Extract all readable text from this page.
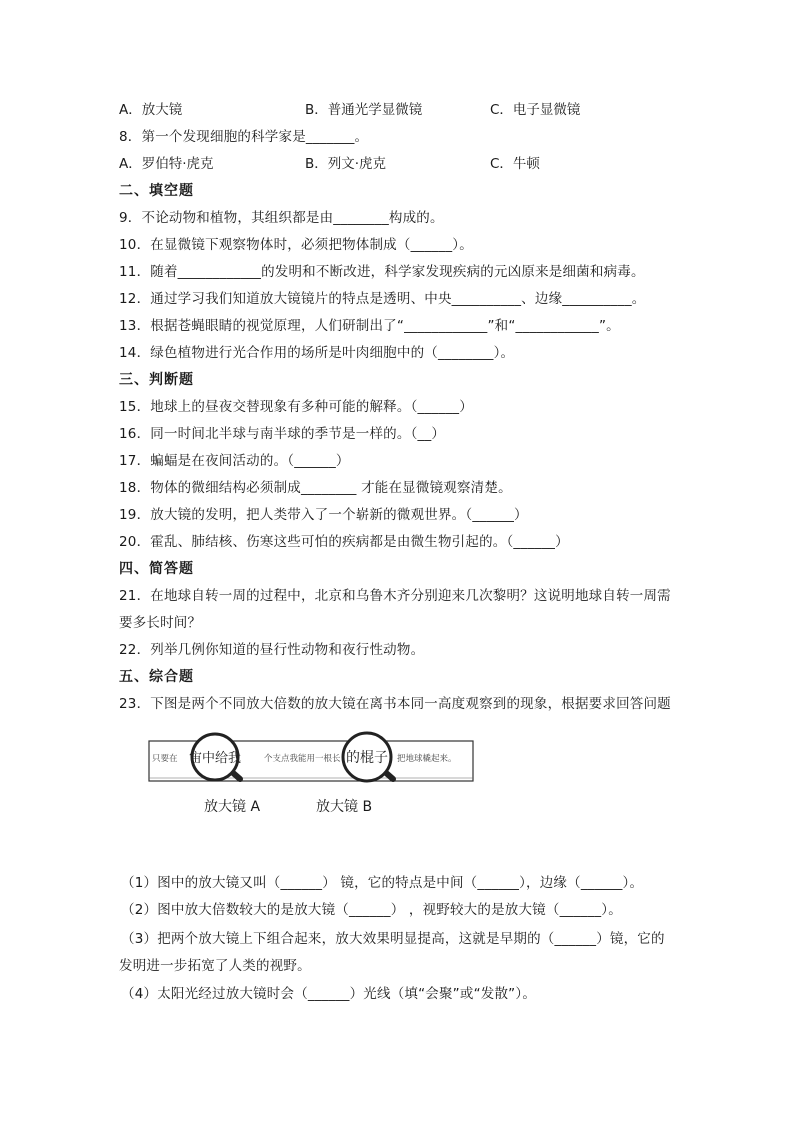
A．放大镜	B．普通光学显微镜	C．电子显微镜
8．第一个发现细胞的科学家是_______。
A．罗伯特·虎克	B．列文·虎克	C．牛顿
二、填空题
9．不论动物和植物，其组织都是由________构成的。
10．在显微镜下观察物体时，必须把物体制成（______）。
11．随着____________的发明和不断改进，科学家发现疾病的元凶原来是细菌和病毒。
12．通过学习我们知道放大镜镜片的特点是透明、中央__________、边缘__________。
13．根据苍蝇眼睛的视觉原理，人们研制出了“____________”和“____________”。
14．绿色植物进行光合作用的场所是叶肉细胞中的（________）。
三、判断题
15．地球上的昼夜交替现象有多种可能的解释。（______）
16．同一时间北半球与南半球的季节是一样的。（__）
17．蝙蝠是在夜间活动的。（______）
18．物体的微细结构必须制成________ 才能在显微镜观察清楚。
19．放大镜的发明，把人类带入了一个崭新的微观世界。（______）
20．霍乱、肺结核、伤寒这些可怕的疾病都是由微生物引起的。（______）
四、简答题
21．在地球自转一周的过程中，北京和乌鲁木齐分别迎来几次黎明？这说明地球自转一周需
要多长时间？
22．列举几例你知道的昼行性动物和夜行性动物。
五、综合题
23．下图是两个不同放大倍数的放大镜在离书本同一高度观察到的现象，根据要求回答问题
只要在	个支点我能用一根长	把地球橇起来。
宙中给我	的棍子
放大镜 A	放大镜 B
（1）图中的放大镜又叫（______） 镜，它的特点是中间（______），边缘（______）。
（2）图中放大倍数较大的是放大镜（______） ，视野较大的是放大镜（______）。
（3）把两个放大镜上下组合起来，放大效果明显提高，这就是早期的（______）镜，它的
发明进一步拓宽了人类的视野。
（4）太阳光经过放大镜时会（______）光线（填“会聚”或“发散”）。
